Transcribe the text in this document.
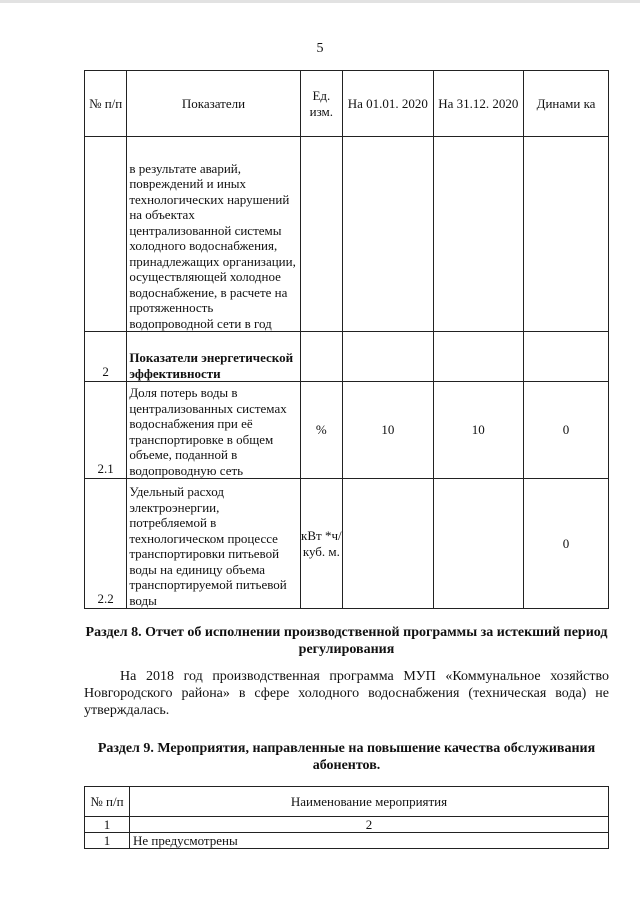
5
№ п/п	Показатели	Ед. изм.	На 01.01. 2020	На 31.12. 2020	Динами ка
	в результате аварий, повреждений и иных технологических нарушений на объектах централизованной системы холодного водоснабжения, принадлежащих организации, осуществляющей холодное водоснабжение, в расчете на протяженность водопроводной сети в год				
2	Показатели энергетической эффективности				
2.1	Доля потерь воды в централизованных системах водоснабжения при её транспортировке в общем объеме, поданной в водопроводную сеть	%	10	10	0
2.2	Удельный расход электроэнергии, потребляемой в технологическом процессе транспортировки питьевой воды на единицу объема транспортируемой питьевой воды	кВт *ч/ куб. м.			0
Раздел 8. Отчет об исполнении производственной программы за истекший период регулирования
На 2018 год производственная программа МУП «Коммунальное хозяйство Новгородского района» в сфере холодного водоснабжения (техническая вода) не утверждалась.
Раздел 9. Мероприятия, направленные на повышение качества обслуживания абонентов.
№ п/п	Наименование мероприятия
1	2
1	Не предусмотрены
